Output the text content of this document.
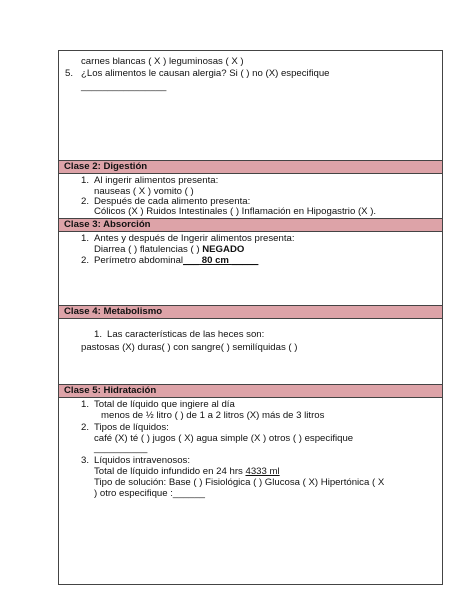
carnes blancas ( X ) leguminosas ( X )
5. ¿Los alimentos le causan alergia? Si ( ) no (X) especifique
________________
Clase 2: Digestión
1. Al ingerir alimentos presenta:
nauseas ( X ) vomito ( )
2. Después de cada alimento presenta:
Cólicos (X ) Ruidos Intestinales ( ) Inflamación en Hipogastrio (X ).
Clase 3: Absorción
1. Antes y después de Ingerir alimentos presenta:
Diarrea ( ) flatulencias ( ) NEGADO
2. Perímetro abdominal___ 80 cm _____
Clase 4: Metabolismo
1. Las características de las heces son:
pastosas (X) duras( ) con sangre( ) semilíquidas ( )
Clase 5: Hidratación
1. Total de líquido que ingiere al día
menos de ½ litro ( ) de 1 a 2 litros (X) más de 3 litros
2. Tipos de líquidos:
café (X) té ( ) jugos ( X) agua simple (X ) otros ( ) especifique
__________
3. Líquidos intravenosos:
Total de líquido infundido en 24 hrs 4333 ml
Tipo de solución: Base ( ) Fisiológica ( ) Glucosa ( X) Hipertónica ( X
) otro especifique :______
